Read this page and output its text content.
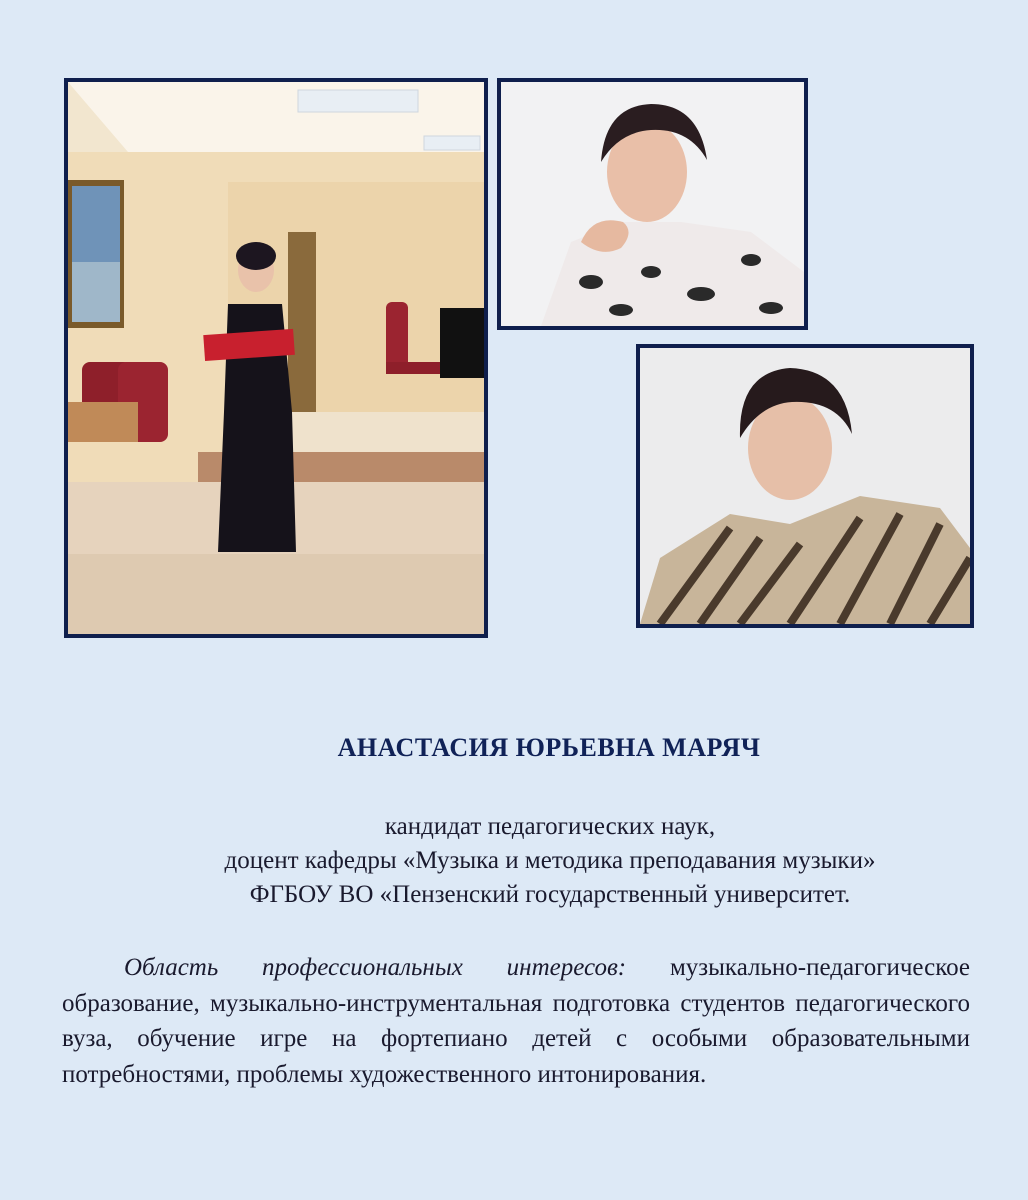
АНАСТАСИЯ ЮРЬЕВНА МАРЯЧ
кандидат педагогических наук,
доцент кафедры «Музыка и методика преподавания музыки»
ФГБОУ ВО «Пензенский государственный университет.
Область профессиональных интересов: музыкально-педагогическое образование, музыкально-инструментальная подготовка студентов педагогического вуза, обучение игре на фортепиано детей с особыми образовательными потребностями, проблемы художественного интонирования.
